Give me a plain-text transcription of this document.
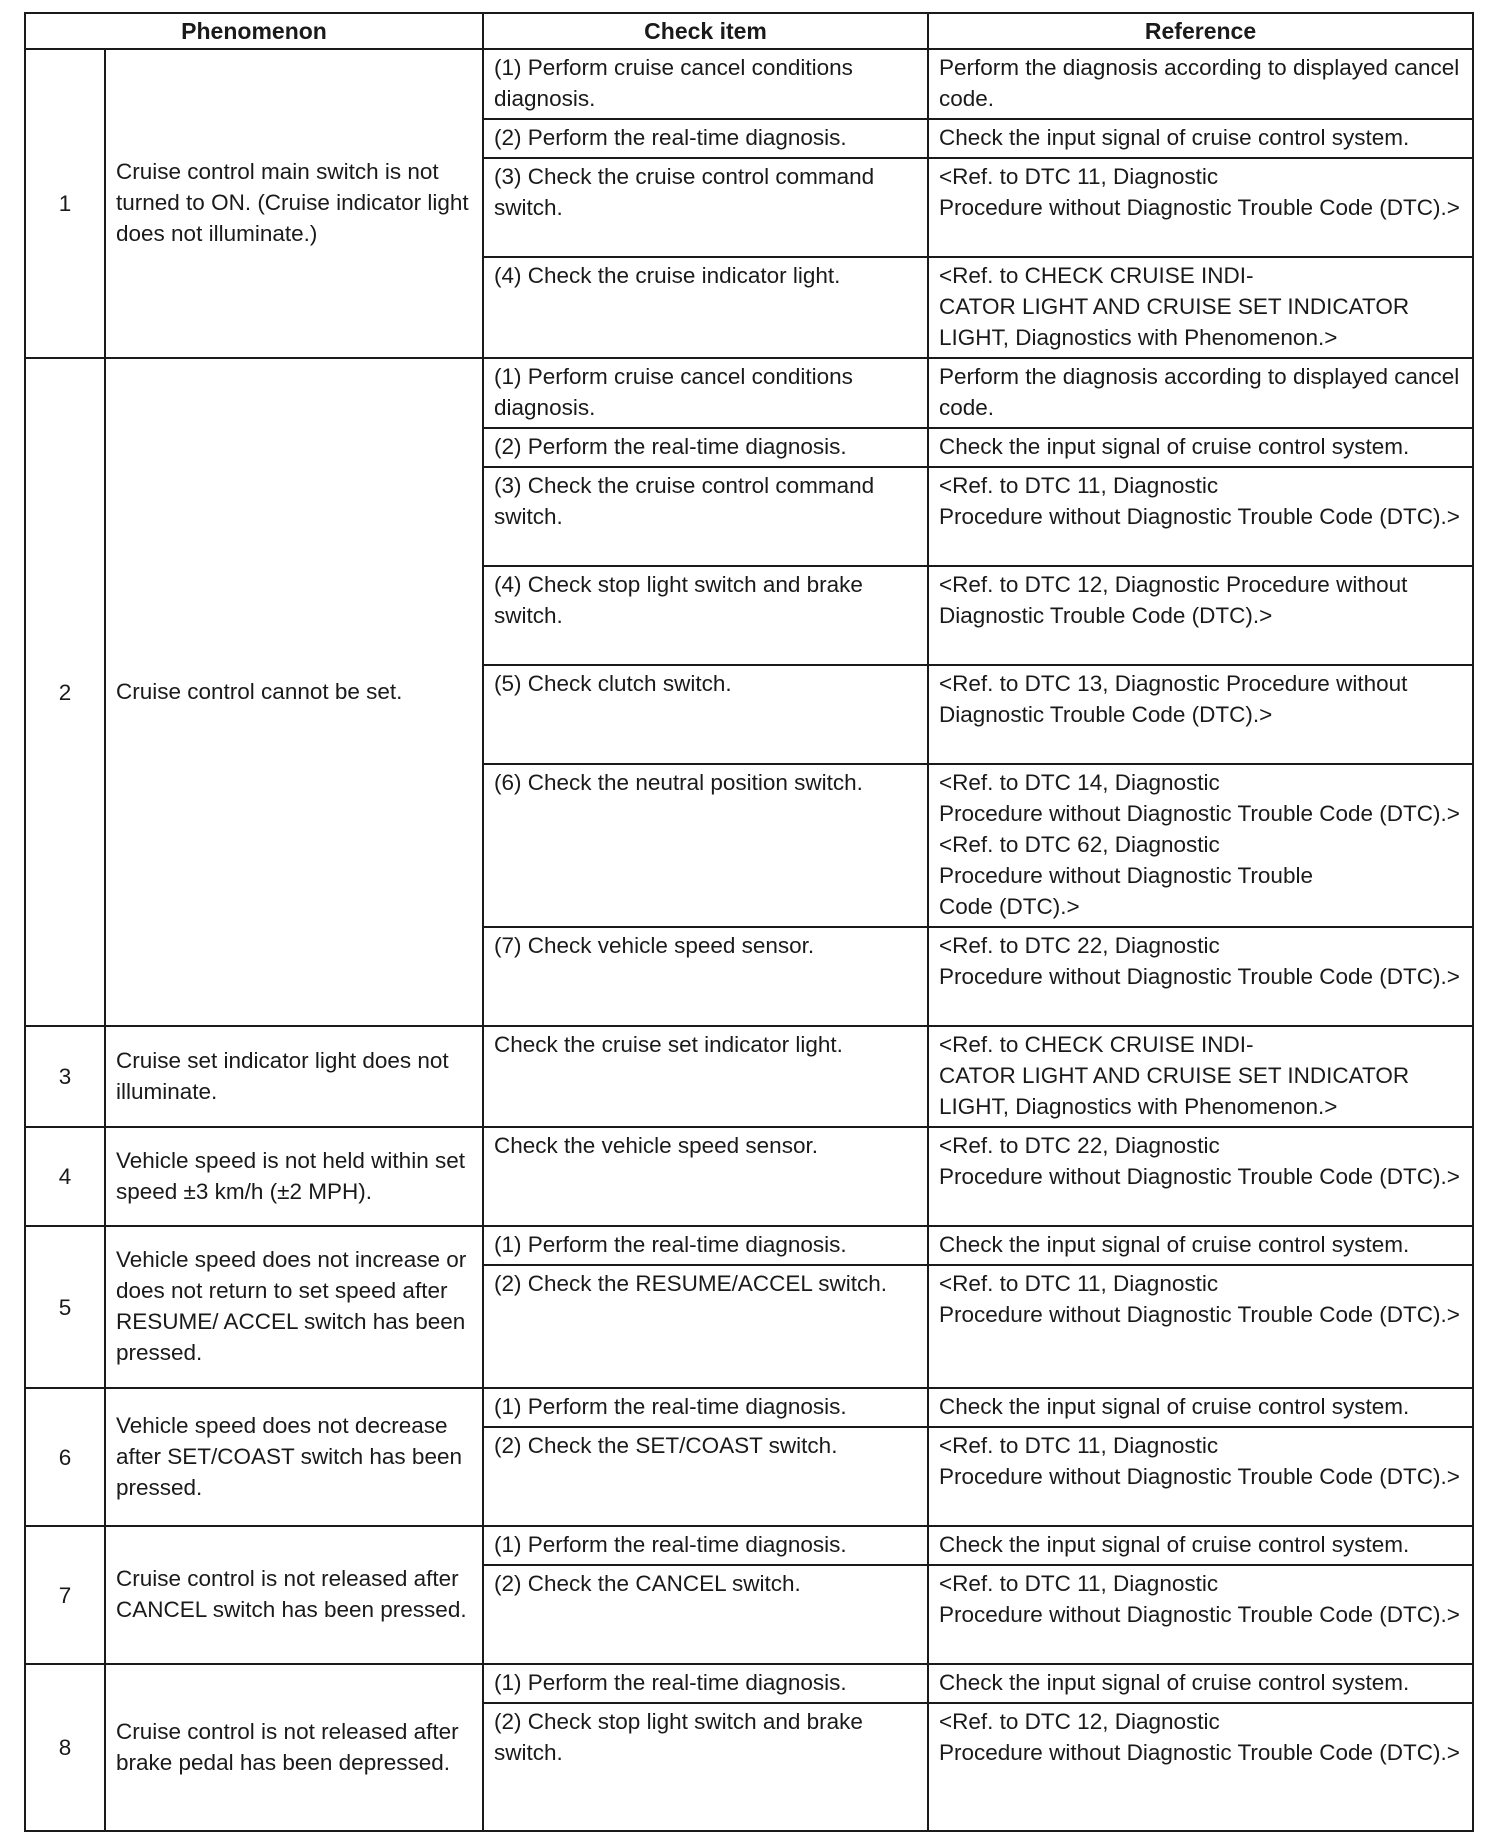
Phenomenon		Check item	Reference
1	Cruise control main switch is not turned to ON. (Cruise indicator light does not illuminate.)	(1) Perform cruise cancel conditions diagnosis.	Perform the diagnosis according to displayed cancel code.
		(2) Perform the real-time diagnosis.	Check the input signal of cruise control system.
		(3) Check the cruise control command switch.	<Ref. to DTC 11, Diagnostic
Procedure without Diagnostic Trouble Code (DTC).>
		(4) Check the cruise indicator light.	<Ref. to CHECK CRUISE INDI-
CATOR LIGHT AND CRUISE SET INDICATOR LIGHT, Diagnostics with Phenomenon.>
2	Cruise control cannot be set.	(1) Perform cruise cancel conditions diagnosis.	Perform the diagnosis according to displayed cancel code.
		(2) Perform the real-time diagnosis.	Check the input signal of cruise control system.
		(3) Check the cruise control command switch.	<Ref. to DTC 11, Diagnostic
Procedure without Diagnostic Trouble Code (DTC).>
		(4) Check stop light switch and brake switch.	<Ref. to DTC 12, Diagnostic Procedure without Diagnostic Trouble Code (DTC).>
		(5) Check clutch switch.	<Ref. to DTC 13, Diagnostic Procedure without Diagnostic Trouble Code (DTC).>
		(6) Check the neutral position switch.	<Ref. to DTC 14, Diagnostic
Procedure without Diagnostic Trouble Code (DTC).> <Ref. to DTC 62, Diagnostic
Procedure without Diagnostic Trouble
Code (DTC).>
		(7) Check vehicle speed sensor.	<Ref. to DTC 22, Diagnostic
Procedure without Diagnostic Trouble Code (DTC).>
3	Cruise set indicator light does not illuminate.	Check the cruise set indicator light.	<Ref. to CHECK CRUISE INDI-
CATOR LIGHT AND CRUISE SET INDICATOR LIGHT, Diagnostics with Phenomenon.>
4	Vehicle speed is not held within set speed ±3 km/h (±2 MPH).	Check the vehicle speed sensor.	<Ref. to DTC 22, Diagnostic
Procedure without Diagnostic Trouble Code (DTC).>
5	Vehicle speed does not increase or does not return to set speed after RESUME/ ACCEL switch has been pressed.	(1) Perform the real-time diagnosis.	Check the input signal of cruise control system.
		(2) Check the RESUME/ACCEL switch.	<Ref. to DTC 11, Diagnostic
Procedure without Diagnostic Trouble Code (DTC).>
6	Vehicle speed does not decrease after SET/COAST switch has been pressed.	(1) Perform the real-time diagnosis.	Check the input signal of cruise control system.
		(2) Check the SET/COAST switch.	<Ref. to DTC 11, Diagnostic
Procedure without Diagnostic Trouble Code (DTC).>
7	Cruise control is not released after CANCEL switch has been pressed.	(1) Perform the real-time diagnosis.	Check the input signal of cruise control system.
		(2) Check the CANCEL switch.	<Ref. to DTC 11, Diagnostic
Procedure without Diagnostic Trouble Code (DTC).>
8	Cruise control is not released after brake pedal has been depressed.	(1) Perform the real-time diagnosis.	Check the input signal of cruise control system.
		(2) Check stop light switch and brake switch.	<Ref. to DTC 12, Diagnostic
Procedure without Diagnostic Trouble Code (DTC).>
